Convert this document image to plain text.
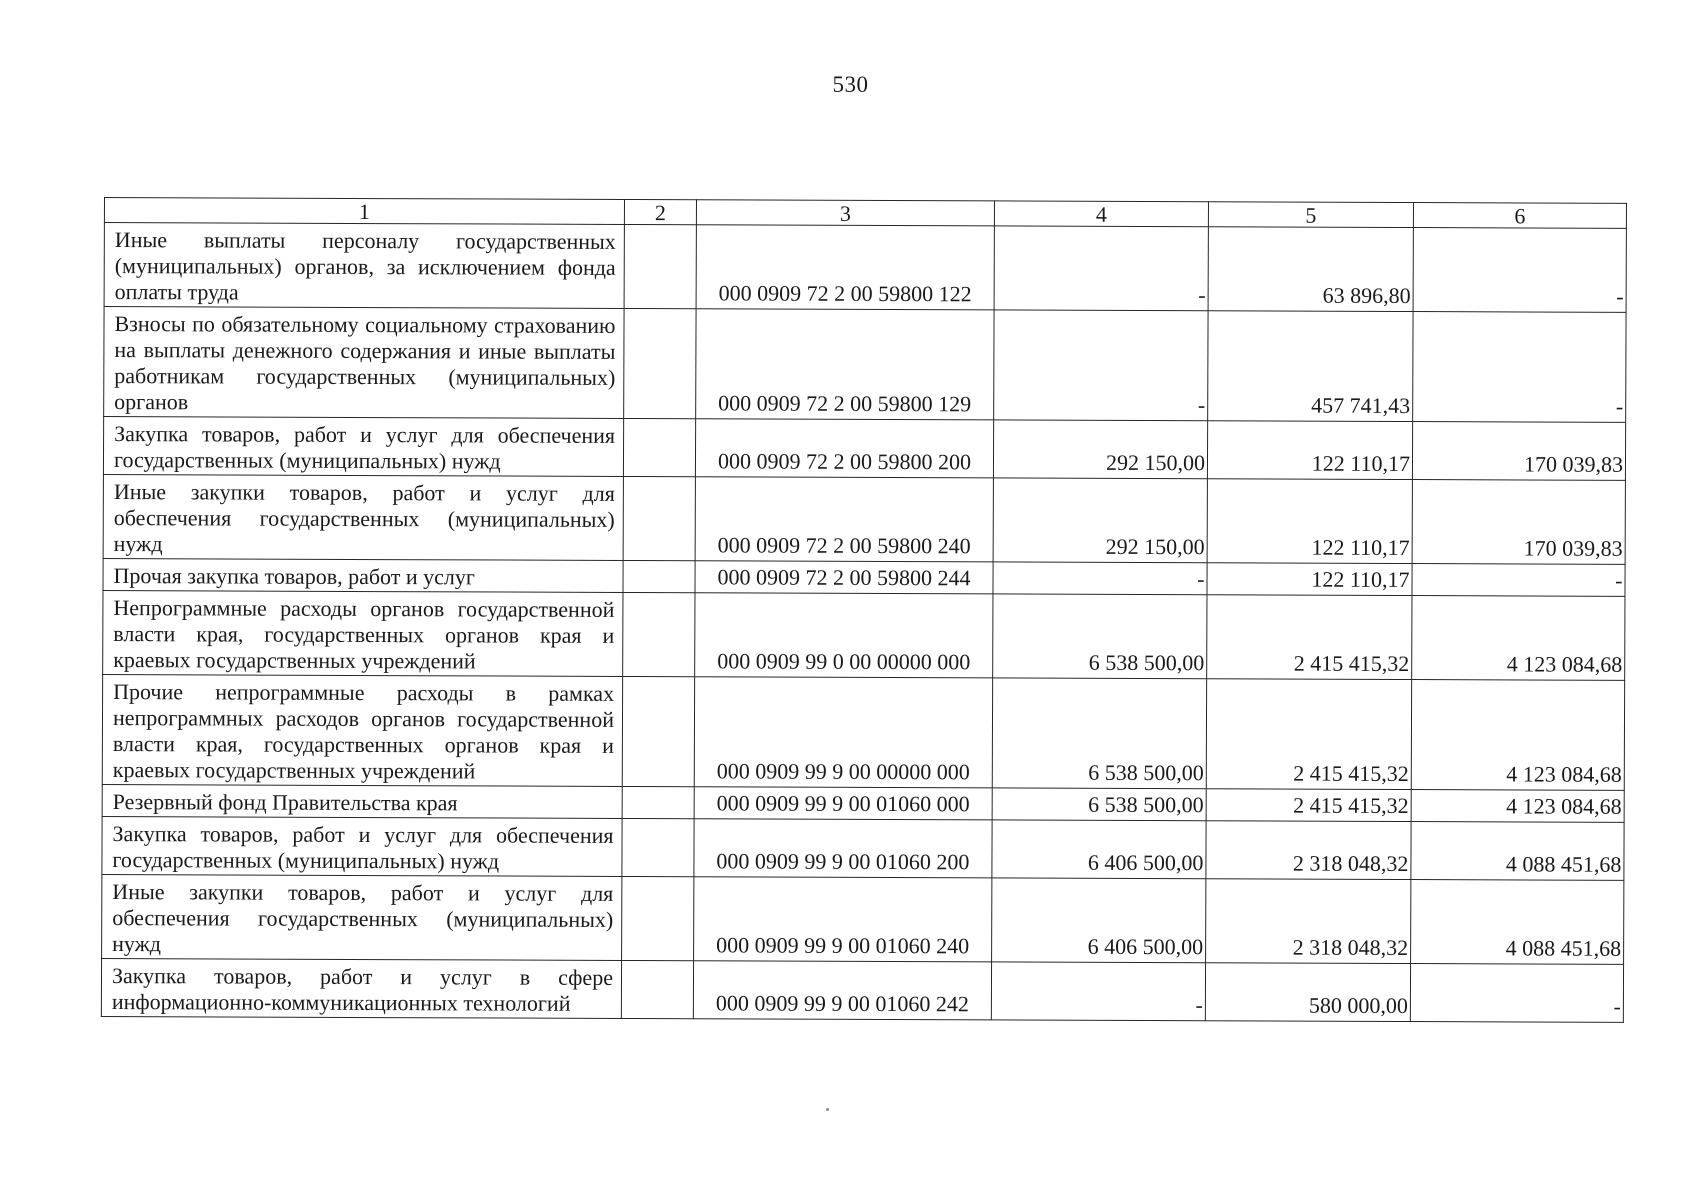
530
1	2	3	4	5	6
Иные выплаты персоналу государственных (муниципальных) органов, за исключением фонда оплаты труда		000 0909 72 2 00 59800 122	-	63 896,80	-
Взносы по обязательному социальному страхованию на выплаты денежного содержания и иные выплаты работникам государственных (муниципальных) органов		000 0909 72 2 00 59800 129	-	457 741,43	-
Закупка товаров, работ и услуг для обеспечения государственных (муниципальных) нужд		000 0909 72 2 00 59800 200	292 150,00	122 110,17	170 039,83
Иные закупки товаров, работ и услуг для обеспечения государственных (муниципальных) нужд		000 0909 72 2 00 59800 240	292 150,00	122 110,17	170 039,83
Прочая закупка товаров, работ и услуг		000 0909 72 2 00 59800 244	-	122 110,17	-
Непрограммные расходы органов государственной власти края, государственных органов края и краевых государственных учреждений		000 0909 99 0 00 00000 000	6 538 500,00	2 415 415,32	4 123 084,68
Прочие непрограммные расходы в рамках непрограммных расходов органов государственной власти края, государственных органов края и краевых государственных учреждений		000 0909 99 9 00 00000 000	6 538 500,00	2 415 415,32	4 123 084,68
Резервный фонд Правительства края		000 0909 99 9 00 01060 000	6 538 500,00	2 415 415,32	4 123 084,68
Закупка товаров, работ и услуг для обеспечения государственных (муниципальных) нужд		000 0909 99 9 00 01060 200	6 406 500,00	2 318 048,32	4 088 451,68
Иные закупки товаров, работ и услуг для обеспечения государственных (муниципальных) нужд		000 0909 99 9 00 01060 240	6 406 500,00	2 318 048,32	4 088 451,68
Закупка товаров, работ и услуг в сфере информационно-коммуникационных технологий		000 0909 99 9 00 01060 242	-	580 000,00	-
